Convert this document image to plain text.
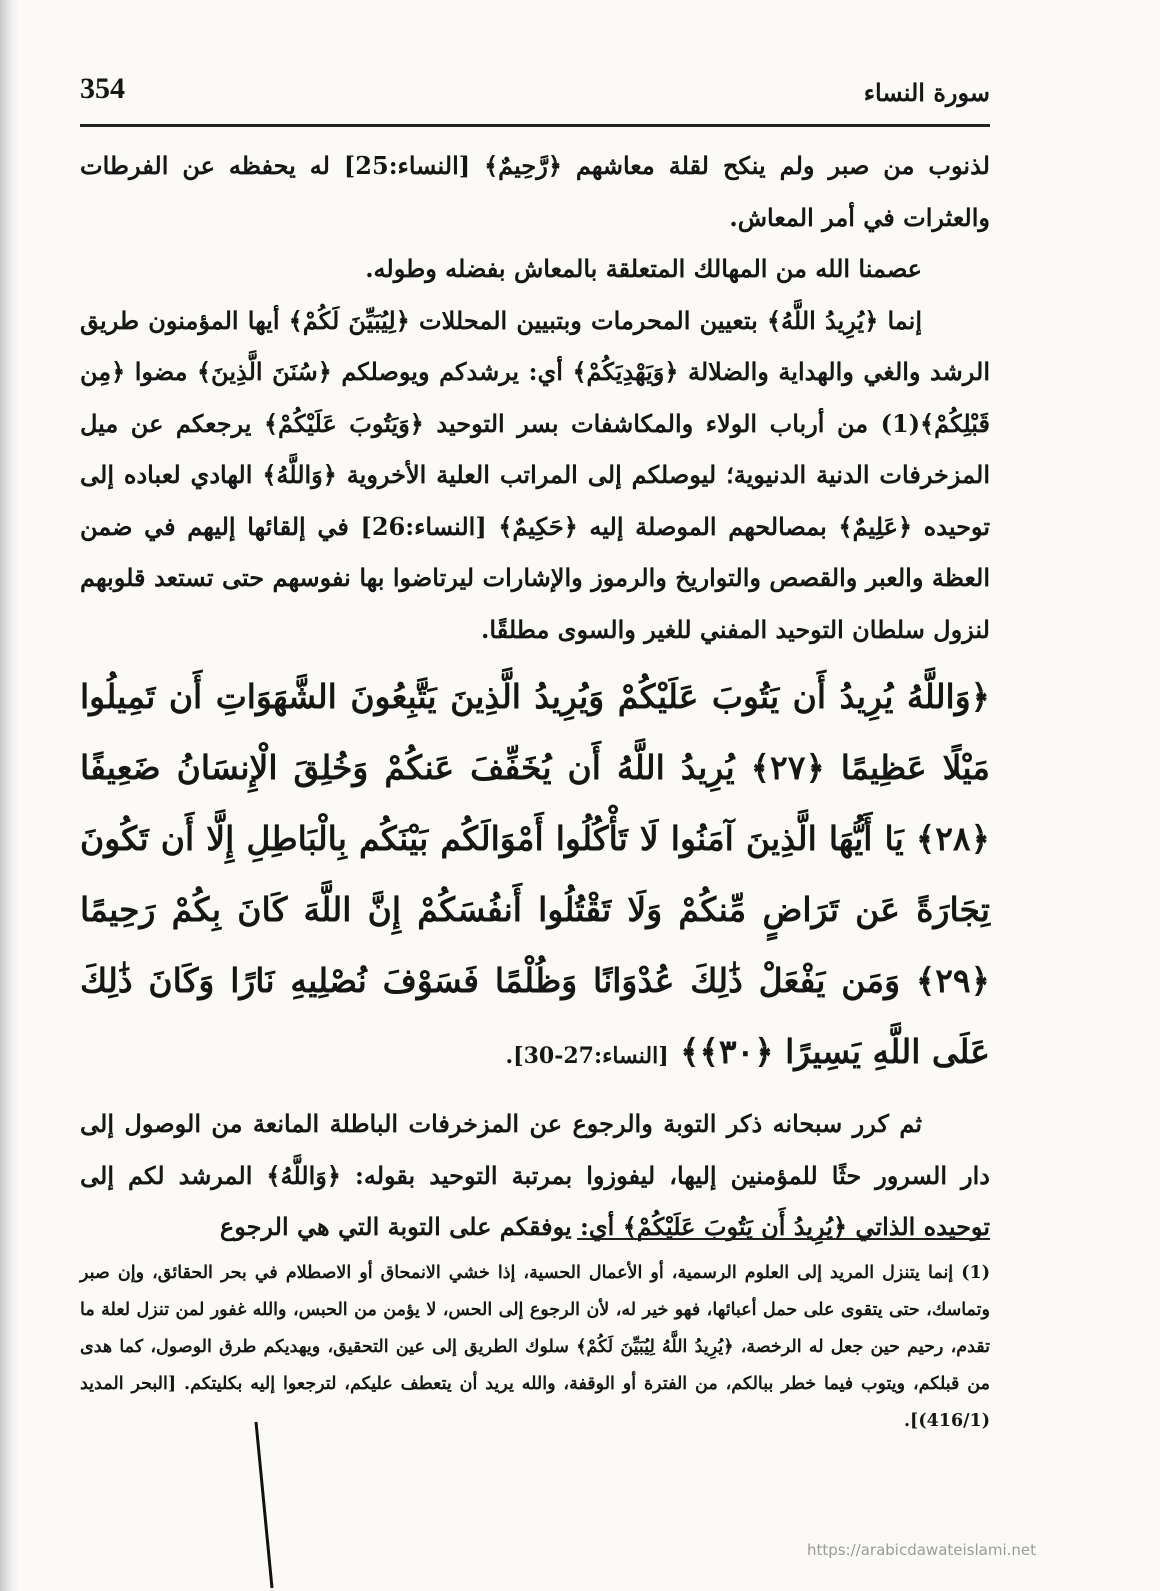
354	سورة النساء

لذنوب من صبر ولم ينكح لقلة معاشهم ﴿رَّحِيمٌ﴾ [النساء:25] له يحفظه عن الفرطات والعثرات في أمر المعاش.

عصمنا الله من المهالك المتعلقة بالمعاش بفضله وطوله.

إنما ﴿يُرِيدُ اللَّهُ﴾ بتعيين المحرمات وبتبيين المحللات ﴿لِيُبَيِّنَ لَكُمْ﴾ أيها المؤمنون طريق الرشد والغي والهداية والضلالة ﴿وَيَهْدِيَكُمْ﴾ أي: يرشدكم ويوصلكم ﴿سُنَنَ الَّذِينَ﴾ مضوا ﴿مِن قَبْلِكُمْ﴾(1) من أرباب الولاء والمكاشفات بسر التوحيد ﴿وَيَتُوبَ عَلَيْكُمْ﴾ يرجعكم عن ميل المزخرفات الدنية الدنيوية؛ ليوصلكم إلى المراتب العلية الأخروية ﴿وَاللَّهُ﴾ الهادي لعباده إلى توحيده ﴿عَلِيمٌ﴾ بمصالحهم الموصلة إليه ﴿حَكِيمٌ﴾ [النساء:26] في إلقائها إليهم في ضمن العظة والعبر والقصص والتواريخ والرموز والإشارات ليرتاضوا بها نفوسهم حتى تستعد قلوبهم لنزول سلطان التوحيد المفني للغير والسوى مطلقًا.

﴿وَاللَّهُ يُرِيدُ أَن يَتُوبَ عَلَيْكُمْ وَيُرِيدُ الَّذِينَ يَتَّبِعُونَ الشَّهَوَاتِ أَن تَمِيلُوا مَيْلًا عَظِيمًا ﴿٢٧﴾ يُرِيدُ اللَّهُ أَن يُخَفِّفَ عَنكُمْ وَخُلِقَ الْإِنسَانُ ضَعِيفًا ﴿٢٨﴾ يَا أَيُّهَا الَّذِينَ آمَنُوا لَا تَأْكُلُوا أَمْوَالَكُم بَيْنَكُم بِالْبَاطِلِ إِلَّا أَن تَكُونَ تِجَارَةً عَن تَرَاضٍ مِّنكُمْ وَلَا تَقْتُلُوا أَنفُسَكُمْ إِنَّ اللَّهَ كَانَ بِكُمْ رَحِيمًا ﴿٢٩﴾ وَمَن يَفْعَلْ ذَٰلِكَ عُدْوَانًا وَظُلْمًا فَسَوْفَ نُصْلِيهِ نَارًا وَكَانَ ذَٰلِكَ عَلَى اللَّهِ يَسِيرًا ﴿٣٠﴾﴾ [النساء:27-30].

ثم كرر سبحانه ذكر التوبة والرجوع عن المزخرفات الباطلة المانعة من الوصول إلى دار السرور حثًا للمؤمنين إليها، ليفوزوا بمرتبة التوحيد بقوله: ﴿وَاللَّهُ﴾ المرشد لكم إلى توحيده الذاتي ﴿يُرِيدُ أَن يَتُوبَ عَلَيْكُمْ﴾ أي: يوفقكم على التوبة التي هي الرجوع

(1) إنما يتنزل المريد إلى العلوم الرسمية، أو الأعمال الحسية، إذا خشي الانمحاق أو الاصطلام في بحر الحقائق، وإن صبر وتماسك، حتى يتقوى على حمل أعبائها، فهو خير له، لأن الرجوع إلى الحس، لا يؤمن من الحبس، والله غفور لمن تنزل لعلة ما تقدم، رحيم حين جعل له الرخصة، ﴿يُرِيدُ اللَّهُ لِيُبَيِّنَ لَكُمْ﴾ سلوك الطريق إلى عين التحقيق، ويهديكم طرق الوصول، كما هدى من قبلكم، ويتوب فيما خطر ببالكم، من الفترة أو الوقفة، والله يريد أن يتعطف عليكم، لترجعوا إليه بكليتكم. [البحر المديد (416/1)].

https://arabicdawateislami.net
